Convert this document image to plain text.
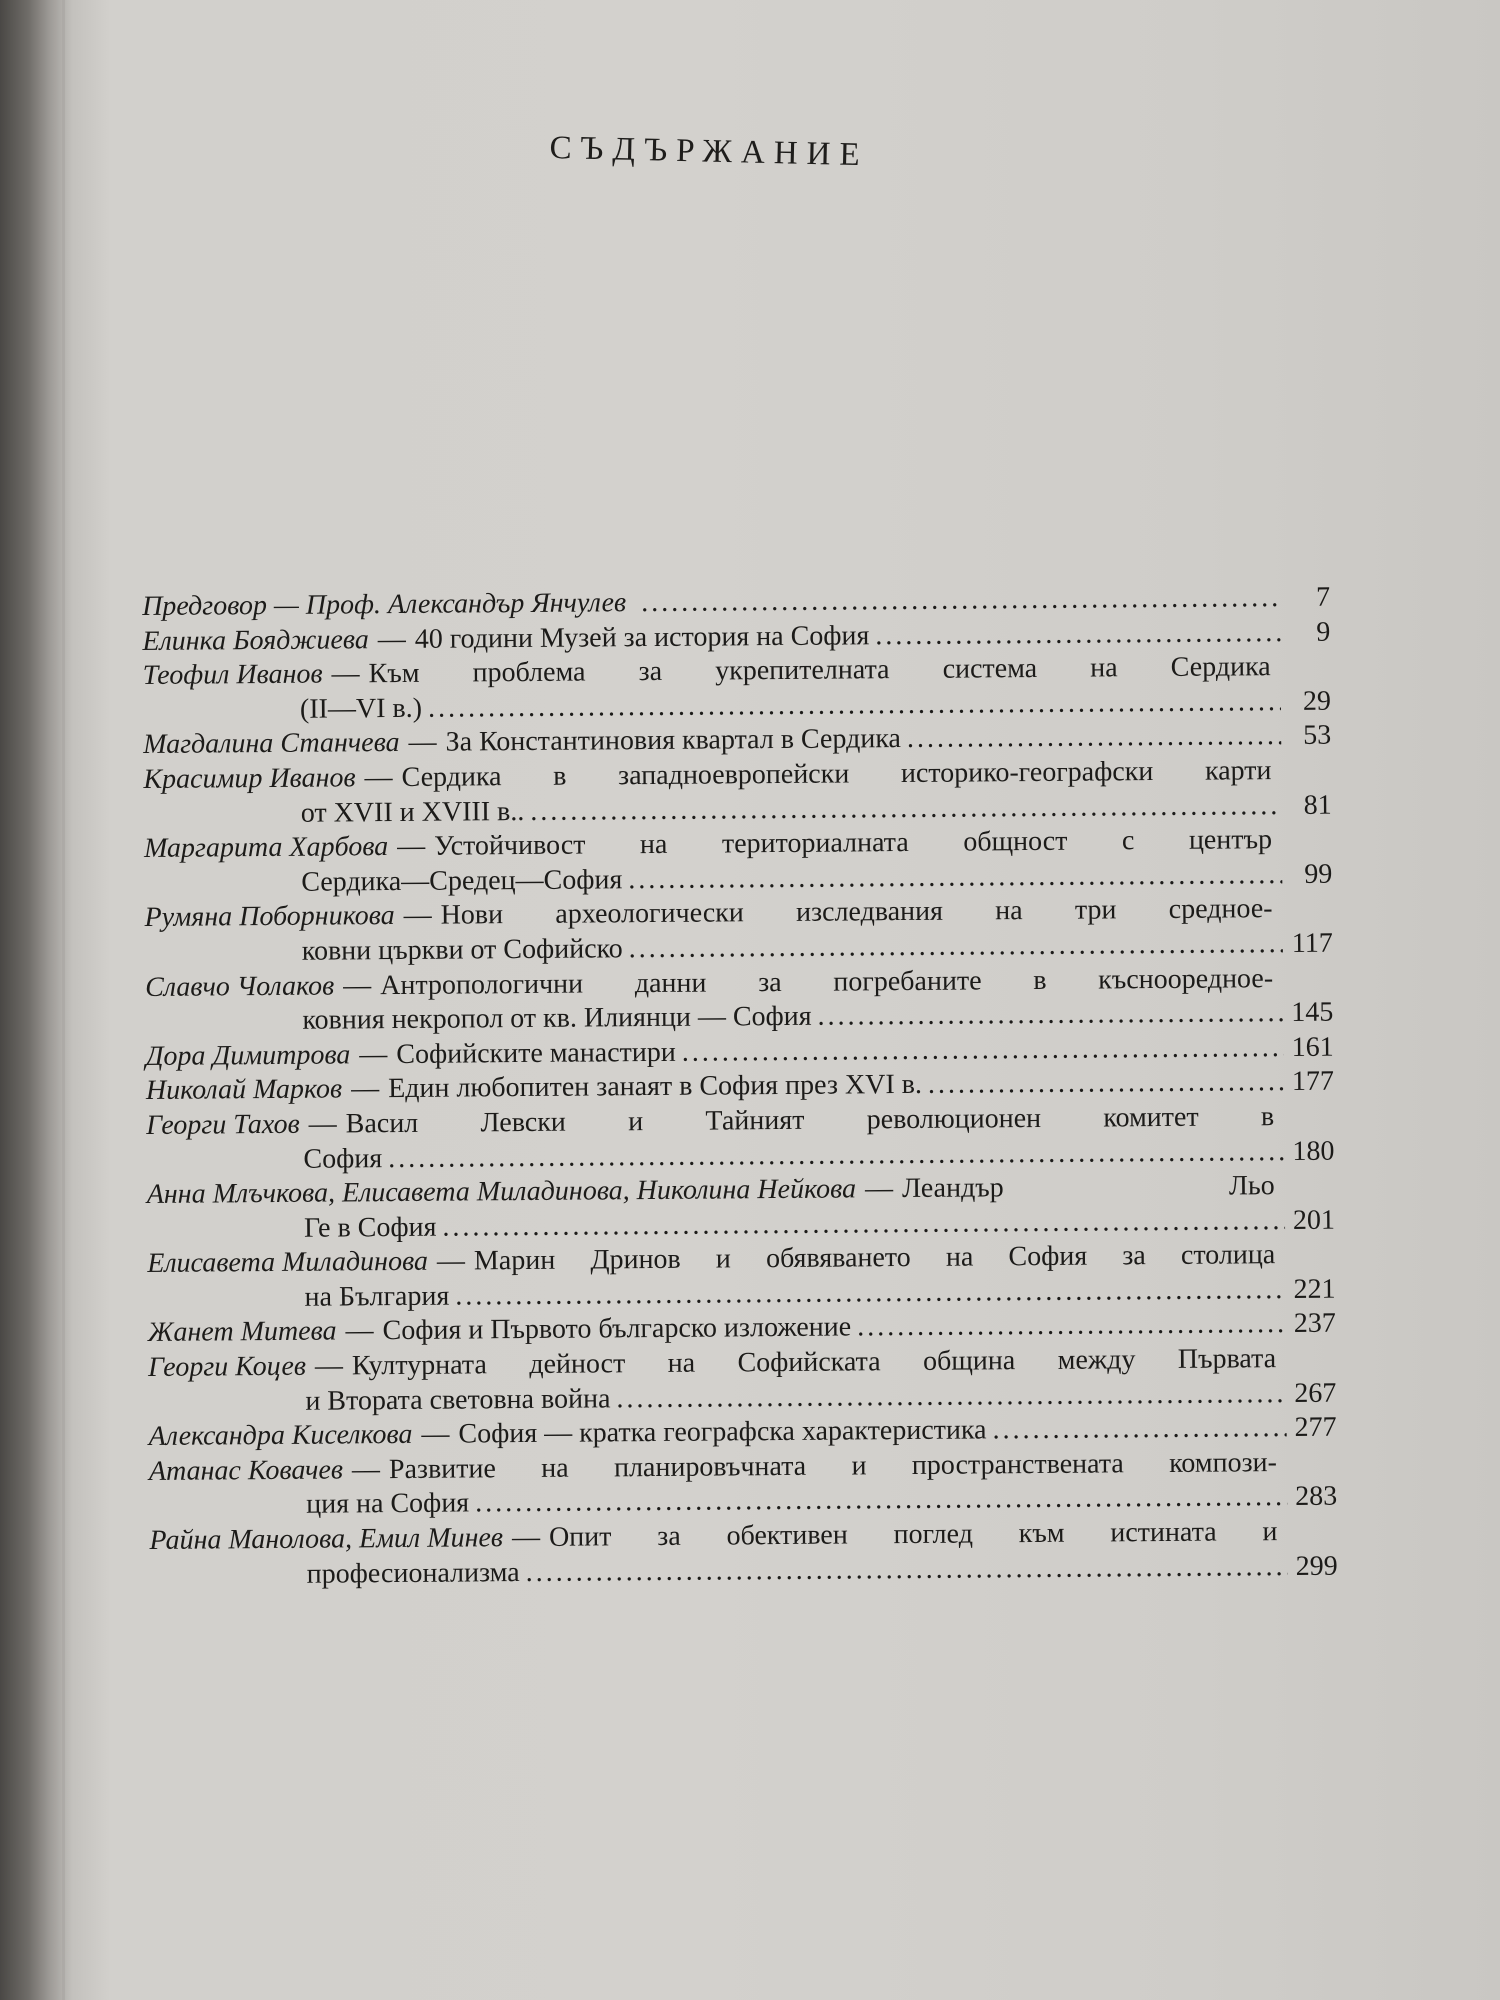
СЪДЪРЖАНИЕ
Предговор — Проф. Александър Янчулев . . .	7
Елинка Бояджиева — 40 години Музей за история на София . . .	9
Теофил Иванов — Към проблема за укрепителната система на Сердика
(II—VI в.) . . .	29
Магдалина Станчева — За Константиновия квартал в Сердика . . .	53
Красимир Иванов — Сердика в западноевропейски историко-географски карти
от XVII и XVIII в.. . . .	81
Маргарита Харбова — Устойчивост на териториалната общност с център
Сердика—Средец—София . . .	99
Румяна Поборникова — Нови археологически изследвания на три средное-
ковни църкви от Софийско . . .	117
Славчо Чолаков — Антропологични данни за погребаните в къснооредное-
ковния некропол от кв. Илиянци — София . . .	145
Дора Димитрова — Софийските манастири . . .	161
Николай Марков — Един любопитен занаят в София през XVI в. . . .	177
Георги Тахов — Васил Левски и Тайният революционен комитет в
София . . .	180
Анна Млъчкова, Елисавета Миладинова, Николина Нейкова — Леандър Льо
Ге в София . . .	201
Елисавета Миладинова — Марин Дринов и обявяването на София за столица
на България . . .	221
Жанет Митева — София и Първото българско изложение . . .	237
Георги Коцев — Културната дейност на Софийската община между Първата
и Втората световна война . . .	267
Александра Киселкова — София — кратка географска характеристика . . .	277
Атанас Ковачев — Развитие на планировъчната и пространствената компози-
ция на София . . .	283
Райна Манолова, Емил Минев — Опит за обективен поглед към истината и
професионализма . . .	299
